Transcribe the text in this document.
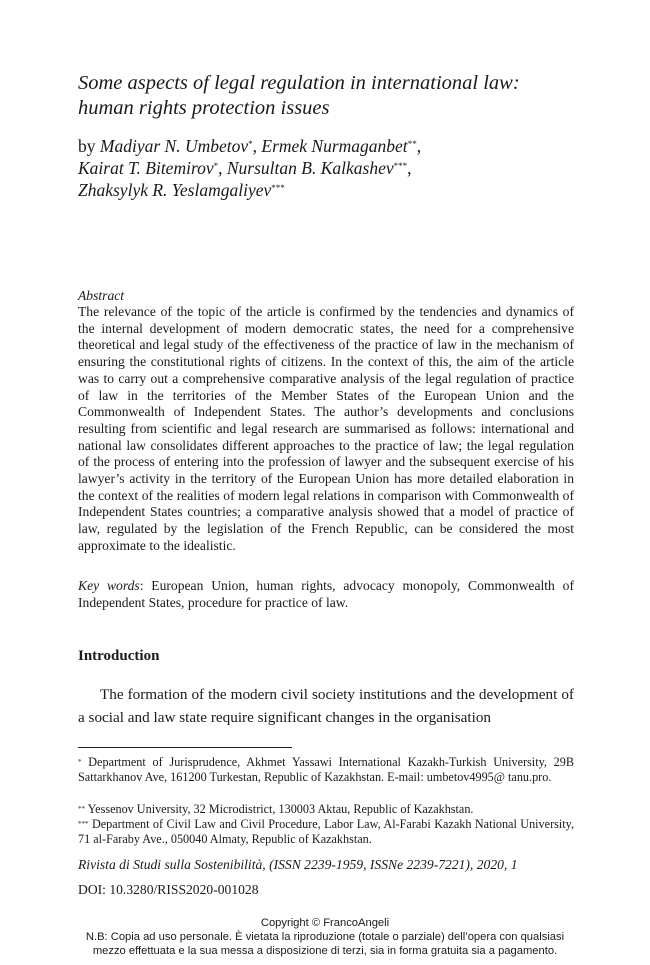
Some aspects of legal regulation in international law:
human rights protection issues
by Madiyar N. Umbetov*, Ermek Nurmaganbet**,
Kairat T. Bitemirov*, Nursultan B. Kalkashev***,
Zhaksylyk R. Yeslamgaliyev***
Abstract
The relevance of the topic of the article is confirmed by the tendencies and dynamics of the internal development of modern democratic states, the need for a comprehensive theoretical and legal study of the effectiveness of the practice of law in the mechanism of ensuring the constitutional rights of citizens. In the context of this, the aim of the article was to carry out a comprehensive comparative analysis of the legal regulation of practice of law in the territories of the Member States of the European Union and the Commonwealth of Independent States. The author’s developments and conclusions resulting from scientific and legal research are summarised as follows: international and national law consolidates different approaches to the practice of law; the legal regulation of the process of entering into the profession of lawyer and the subsequent exercise of his lawyer’s activity in the territory of the European Union has more detailed elaboration in the context of the realities of modern legal relations in comparison with Commonwealth of Independent States countries; a comparative analysis showed that a model of practice of law, regulated by the legislation of the French Republic, can be considered the most approximate to the idealistic.
Key words: European Union, human rights, advocacy monopoly, Commonwealth of Independent States, procedure for practice of law.
Introduction
The formation of the modern civil society institutions and the development of a social and law state require significant changes in the organisation
* Department of Jurisprudence, Akhmet Yassawi International Kazakh-Turkish University, 29B Sattarkhanov Ave, 161200 Turkestan, Republic of Kazakhstan. E-mail: umbetov4995@ tanu.pro.
** Yessenov University, 32 Microdistrict, 130003 Aktau, Republic of Kazakhstan.
*** Department of Civil Law and Civil Procedure, Labor Law, Al-Farabi Kazakh National University, 71 al-Faraby Ave., 050040 Almaty, Republic of Kazakhstan.
Rivista di Studi sulla Sostenibilità, (ISSN 2239-1959, ISSNe 2239-7221), 2020, 1
DOI: 10.3280/RISS2020-001028
Copyright © FrancoAngeli
N.B: Copia ad uso personale. È vietata la riproduzione (totale o parziale) dell’opera con qualsiasi
mezzo effettuata e la sua messa a disposizione di terzi, sia in forma gratuita sia a pagamento.
